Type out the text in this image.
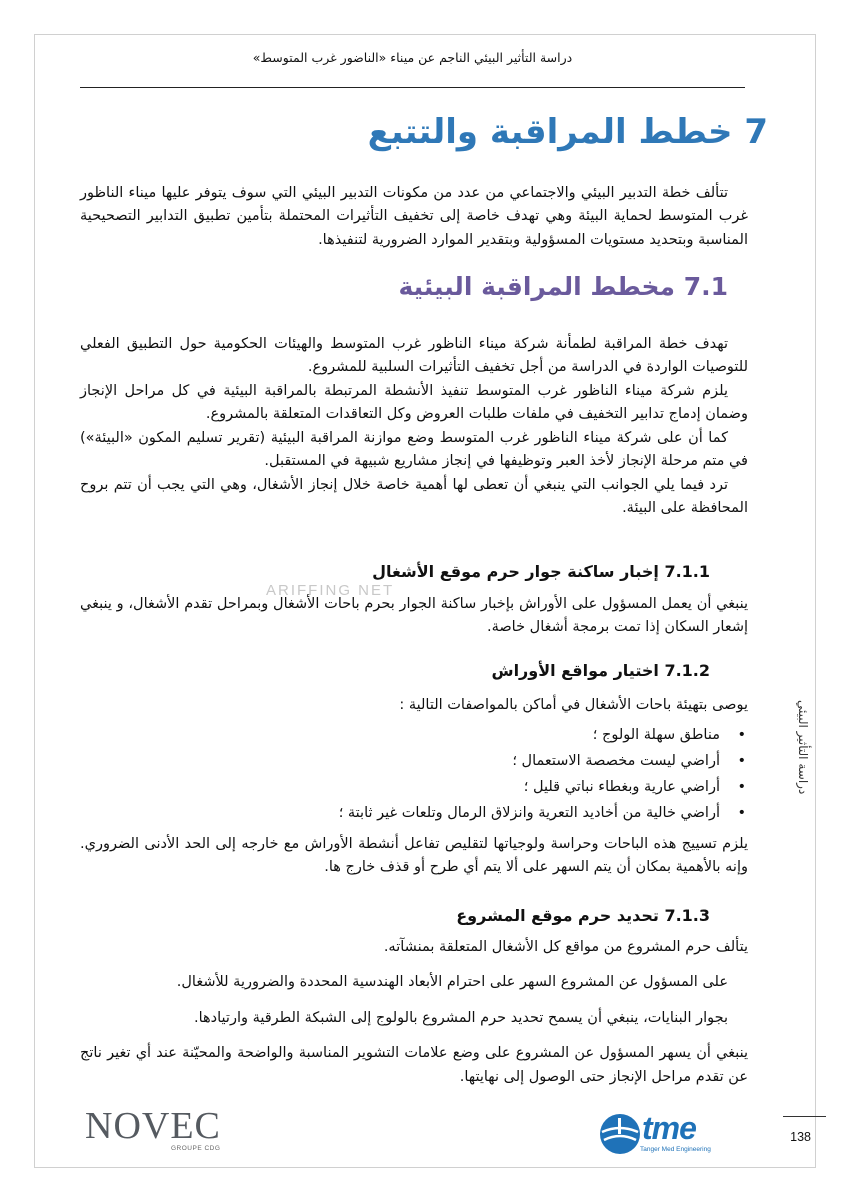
دراسة التأثير البيئي الناجم عن ميناء «الناضور غرب المتوسط»
7 خطط المراقبة والتتبع

تتألف خطة التدبير البيئي والاجتماعي من عدد من مكونات التدبير البيئي التي سوف يتوفر عليها ميناء الناظور غرب المتوسط لحماية البيئة وهي تهدف خاصة إلى تخفيف التأثيرات المحتملة بتأمين تطبيق التدابير التصحيحية المناسبة وبتحديد مستويات المسؤولية وبتقدير الموارد الضرورية لتنفيذها.

7.1 مخطط المراقبة البيئية

تهدف خطة المراقبة لطمأنة شركة ميناء الناظور غرب المتوسط والهيئات الحكومية حول التطبيق الفعلي للتوصيات الواردة في الدراسة من أجل تخفيف التأثيرات السلبية للمشروع.

يلزم شركة ميناء الناظور غرب المتوسط تنفيذ الأنشطة المرتبطة بالمراقبة البيئية في كل مراحل الإنجاز وضمان إدماج تدابير التخفيف في ملفات طلبات العروض وكل التعاقدات المتعلقة بالمشروع.

كما أن على شركة ميناء الناظور غرب المتوسط وضع موازنة المراقبة البيئية (تقرير تسليم المكون «البيئة») في متم مرحلة الإنجاز لأخذ العبر وتوظيفها في إنجاز مشاريع شبيهة في المستقبل.

ترد فيما يلي الجوانب التي ينبغي أن تعطى لها أهمية خاصة خلال إنجاز الأشغال، وهي التي يجب أن تتم بروح المحافظة على البيئة.

7.1.1 إخبار ساكنة جوار حرم موقع الأشغال
ARIFFING NET

ينبغي أن يعمل المسؤول على الأوراش بإخبار ساكنة الجوار بحرم باحات الأشغال وبمراحل تقدم الأشغال، و ينبغي إشعار السكان إذا تمت برمجة أشغال خاصة.

7.1.2 اختيار مواقع الأوراش

يوصى بتهيئة باحات الأشغال في أماكن بالمواصفات التالية :

• مناطق سهلة الولوج ؛
• أراضي ليست مخصصة الاستعمال ؛
• أراضي عارية وبغطاء نباتي قليل ؛
• أراضي خالية من أخاديد التعرية وانزلاق الرمال وتلعات غير ثابتة ؛

يلزم تسييج هذه الباحات وحراسة ولوجياتها لتقليص تفاعل أنشطة الأوراش مع خارجه إلى الحد الأدنى الضروري. وإنه بالأهمية بمكان أن يتم السهر على ألا يتم أي طرح أو قذف خارج ها.

7.1.3 تحديد حرم موقع المشروع

يتألف حرم المشروع من مواقع كل الأشغال المتعلقة بمنشآته.

على المسؤول عن المشروع السهر على احترام الأبعاد الهندسية المحددة والضرورية للأشغال.

بجوار البنايات، ينبغي أن يسمح تحديد حرم المشروع بالولوج إلى الشبكة الطرقية وارتيادها.

ينبغي أن يسهر المسؤول عن المشروع على وضع علامات التشوير المناسبة والواضحة والمحيّنة عند أي تغير ناتج عن تقدم مراحل الإنجاز حتى الوصول إلى نهايتها.

دراسة التأثير البيئي
NOVEC
GROUPE CDG
tme
Tanger Med Engineering
138
